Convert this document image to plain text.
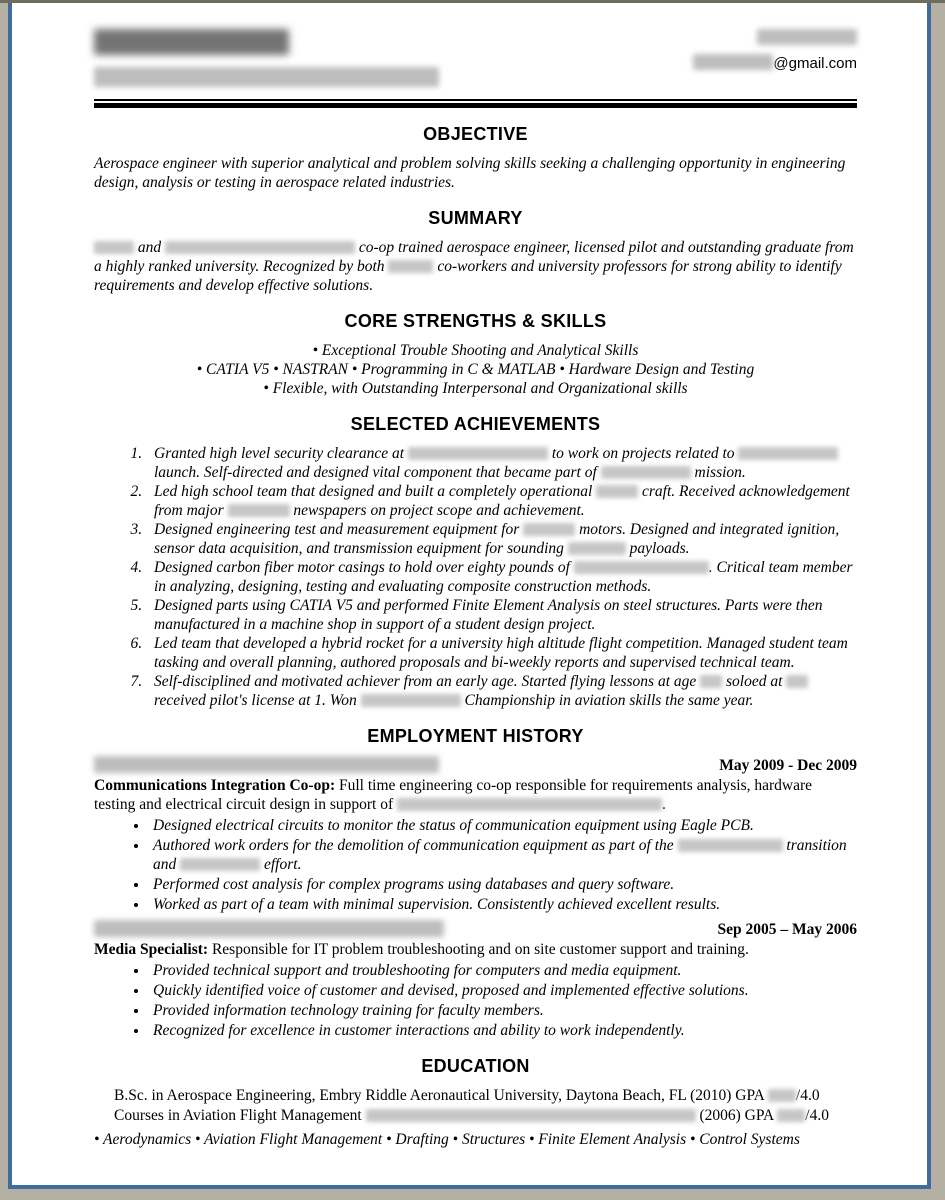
@gmail.com
OBJECTIVE

Aerospace engineer with superior analytical and problem solving skills seeking a challenging opportunity in engineering design, analysis or testing in aerospace related industries.

SUMMARY

and	co-op trained aerospace engineer, licensed pilot and outstanding graduate from a highly ranked university. Recognized by both	co-workers and university professors for strong ability to identify requirements and develop effective solutions.

CORE STRENGTHS & SKILLS
• Exceptional Trouble Shooting and Analytical Skills
• CATIA V5 • NASTRAN • Programming in C & MATLAB • Hardware Design and Testing
• Flexible, with Outstanding Interpersonal and Organizational skills
SELECTED ACHIEVEMENTS
1. Granted high level security clearance at	to work on projects related to  launch. Self-directed and designed vital component that became part of	mission.
2. Led high school team that designed and built a completely operational	craft. Received acknowledgement from major	newspapers on project scope and achievement.
3. Designed engineering test and measurement equipment for	motors. Designed and integrated ignition, sensor data acquisition, and transmission equipment for sounding	payloads.
4. Designed carbon fiber motor casings to hold over eighty pounds of	. Critical team member in analyzing, designing, testing and evaluating composite construction methods.
5. Designed parts using CATIA V5 and performed Finite Element Analysis on steel structures. Parts were then manufactured in a machine shop in support of a student design project.
6. Led team that developed a hybrid rocket for a university high altitude flight competition. Managed student team tasking and overall planning, authored proposals and bi-weekly reports and supervised technical team.
7. Self-disciplined and motivated achiever from an early age. Started flying lessons at age  soloed at  received pilot's license at 1. Won	Championship in aviation skills the same year.
EMPLOYMENT HISTORY
May 2009 - Dec 2009

Communications Integration Co-op: Full time engineering co-op responsible for requirements analysis, hardware testing and electrical circuit design in support of	.

• Designed electrical circuits to monitor the status of communication equipment using Eagle PCB.
• Authored work orders for the demolition of communication equipment as part of the	transition and	effort.
• Performed cost analysis for complex programs using databases and query software.
• Worked as part of a team with minimal supervision. Consistently achieved excellent results.
Sep 2005 – May 2006

Media Specialist: Responsible for IT problem troubleshooting and on site customer support and training.

• Provided technical support and troubleshooting for computers and media equipment.
• Quickly identified voice of customer and devised, proposed and implemented effective solutions.
• Provided information technology training for faculty members.
• Recognized for excellence in customer interactions and ability to work independently.
EDUCATION
B.Sc. in Aerospace Engineering, Embry Riddle Aeronautical University, Daytona Beach, FL (2010) GPA /4.0
Courses in Aviation Flight Management	(2006) GPA /4.0

• Aerodynamics • Aviation Flight Management • Drafting • Structures • Finite Element Analysis • Control Systems
